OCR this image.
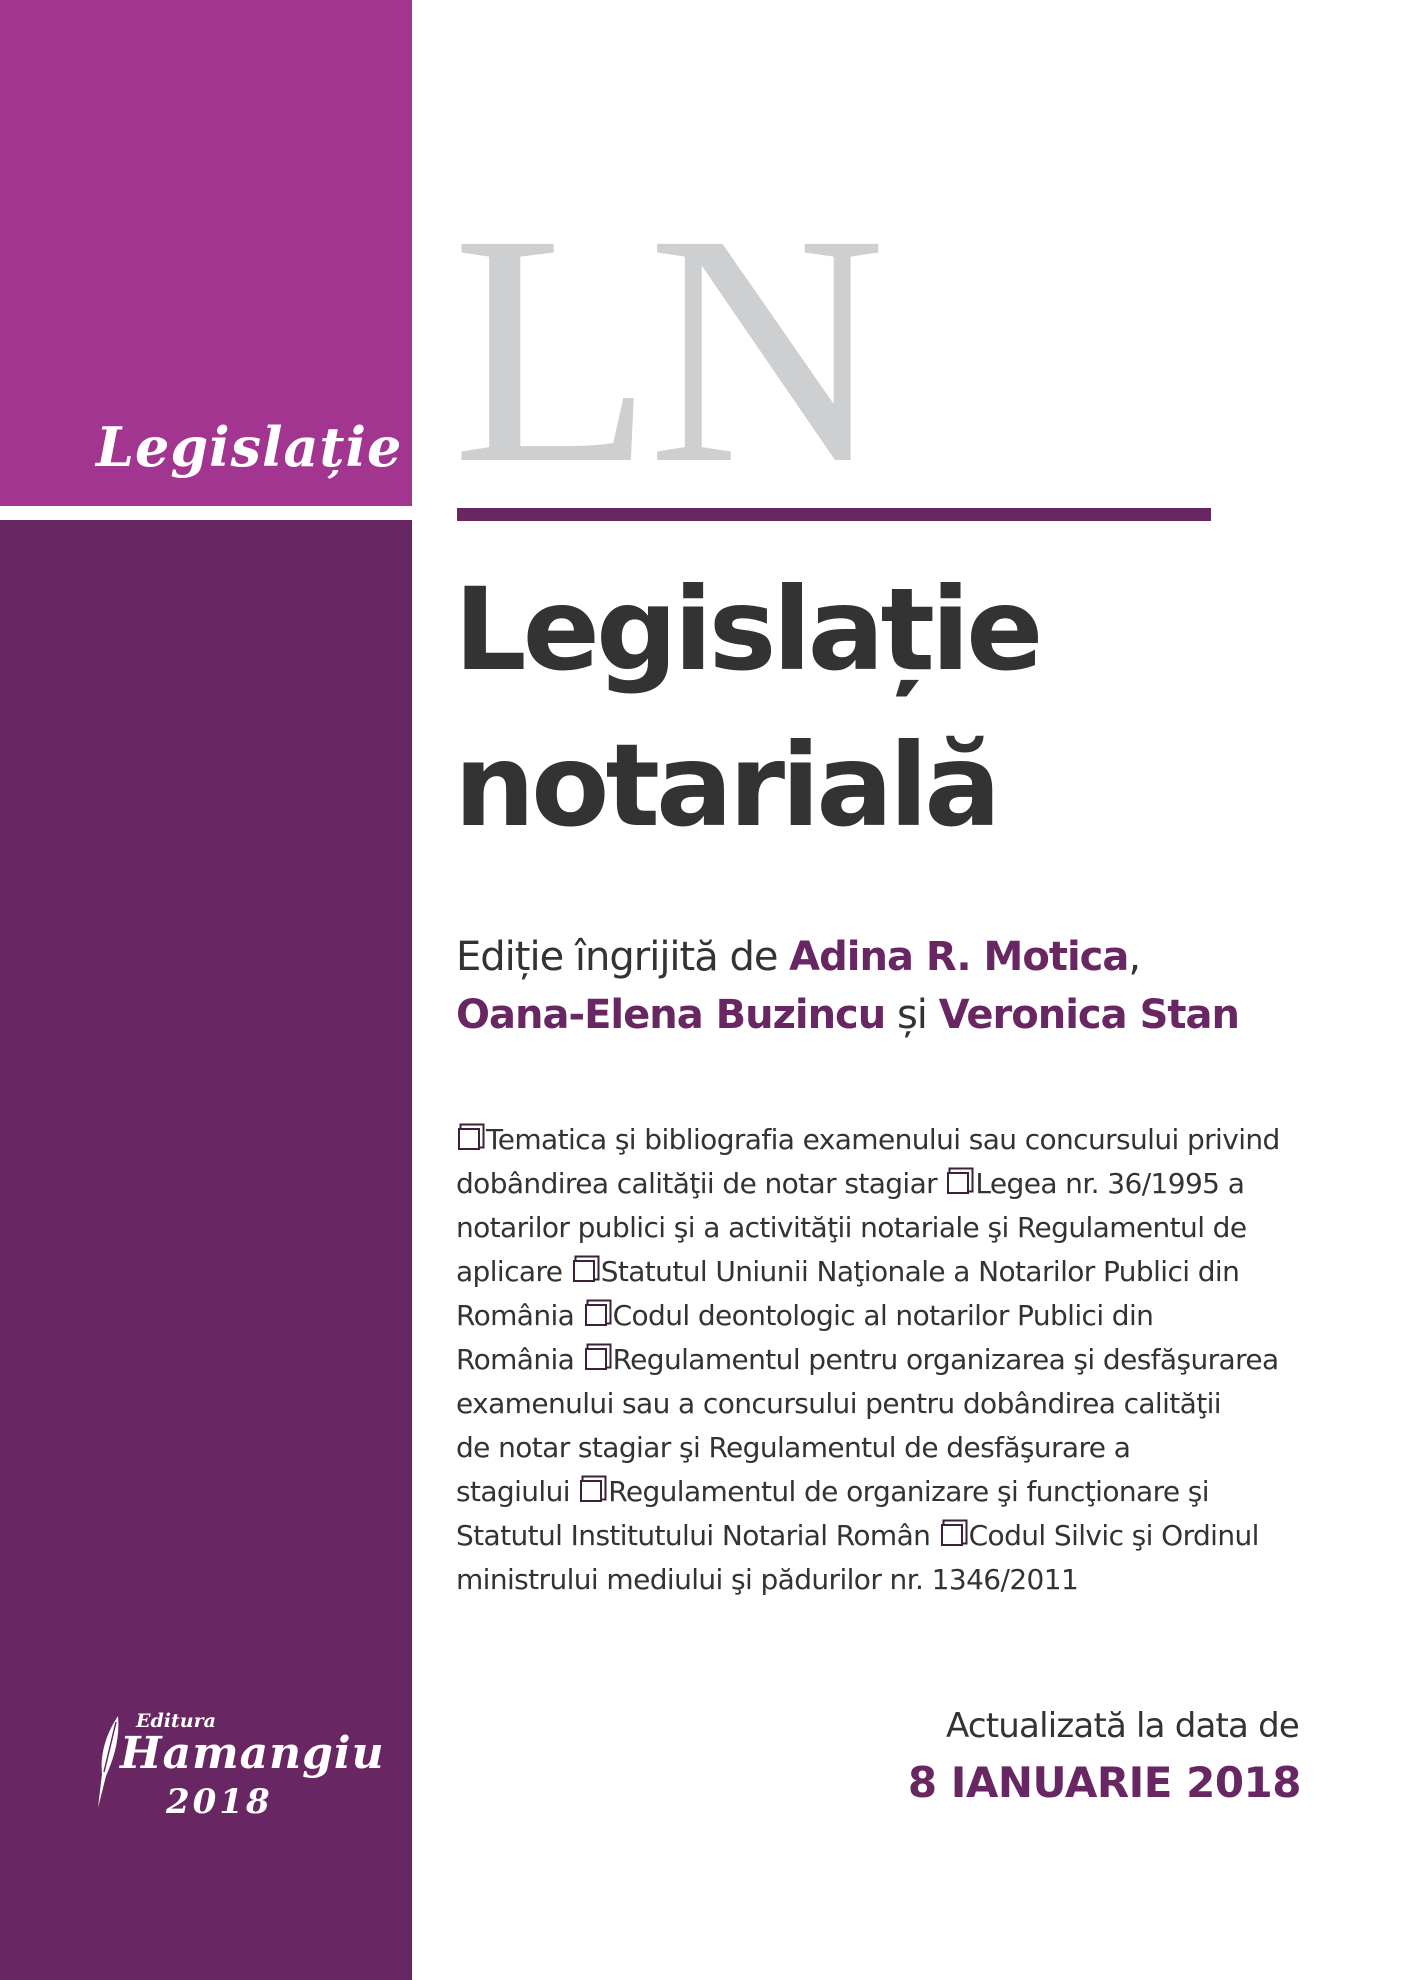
Legislație LN
Legislație
notarială
Ediție îngrijită de Adina R. Motica,
Oana-Elena Buzincu și Veronica Stan
Tematica şi bibliografia examenului sau concursului privind
dobândirea calităţii de notar stagiar Legea nr. 36/1995 a
notarilor publici şi a activităţii notariale şi Regulamentul de
aplicare Statutul Uniunii Naţionale a Notarilor Publici din
România Codul deontologic al notarilor Publici din
România Regulamentul pentru organizarea şi desfăşurarea
examenului sau a concursului pentru dobândirea calităţii
de notar stagiar şi Regulamentul de desfăşurare a
stagiului Regulamentul de organizare şi funcţionare şi
Statutul Institutului Notarial Român Codul Silvic şi Ordinul
ministrului mediului şi pădurilor nr. 1346/2011
Editura
Hamangiu
2018
Actualizată la data de
8 IANUARIE 2018
